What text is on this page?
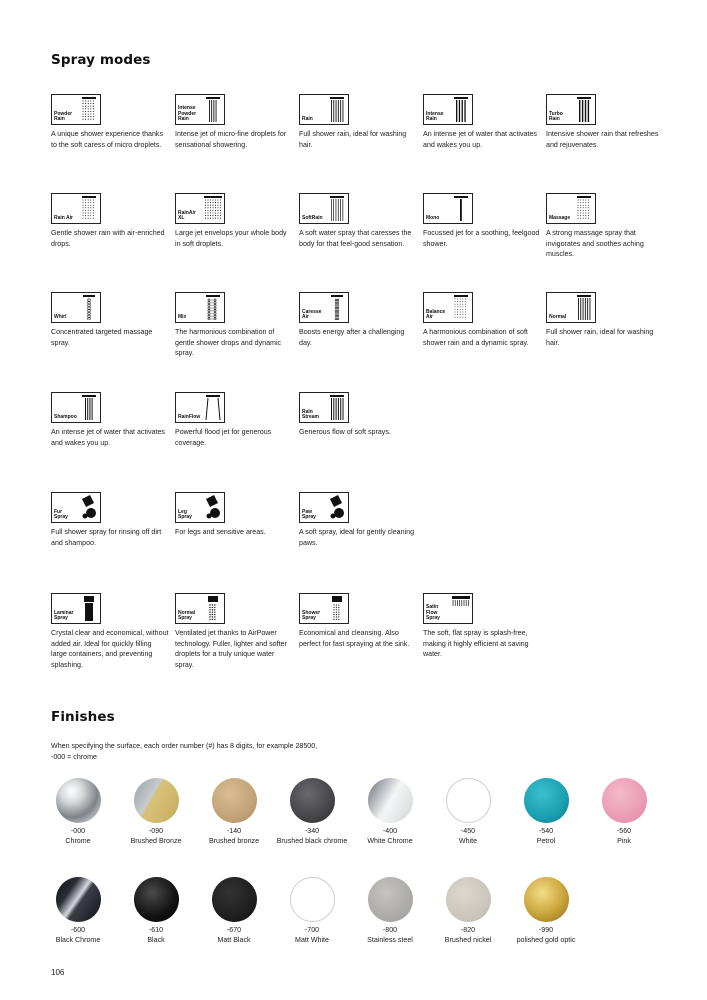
Spray modes
Powder
Rain
A unique shower experience thanks to the soft caress of micro droplets.
Intense
Powder
Rain
Intense jet of micro-fine droplets for sensational showering.
Rain
Full shower rain, ideal for washing hair.
Intense
Rain
An intense jet of water that activates and wakes you up.
Turbo
Rain
Intensive shower rain that refreshes and rejuvenates.
Rain Air
Gentle shower rain with air-enriched drops.
RainAir
XL
Large jet envelops your whole body in soft droplets.
SoftRain
A soft water spray that caresses the body for that feel-good sensation.
Mono
Focussed jet for a soothing, feelgood shower.
Massage
A strong massage spray that invigorates and soothes aching muscles.
Whirl
Concentrated targeted massage spray.
Mix
The harmonious combination of gentle shower drops and dynamic spray.
Caresse
Air
Boosts energy after a challenging day.
Balance
Air
A harmonious combination of soft shower rain and a dynamic spray.
Normal
Full shower rain, ideal for washing hair.
Shampoo
An intense jet of water that activates and wakes you up.
RainFlow
Powerful flood jet for generous coverage.
Rain
Stream
Generous flow of soft sprays.
Fur
Spray
Full shower spray for rinsing off dirt and shampoo.
Leg
Spray
For legs and sensitive areas.
Paw
Spray
A soft spray, ideal for gently cleaning paws.
Laminar
Spray
Crystal clear and economical, without added air. Ideal for quickly filling large containers, and preventing splashing.
Normal
Spray
Ventilated jet thanks to AirPower technology. Fuller, lighter and softer droplets for a truly unique water spray.
Shower
Spray
Economical and cleansing. Also perfect for fast spraying at the sink.
Satin
Flow
Spray
The soft, flat spray is splash-free, making it highly efficient at saving water.
Finishes
When specifying the surface, each order number (#) has 8 digits, for example 28500, -000 = chrome
-000
Chrome
-090
Brushed Bronze
-140
Brushed bronze
-340
Brushed black chrome
-400
White Chrome
-450
White
-540
Petrol
-560
Pink
-600
Black Chrome
-610
Black
-670
Matt Black
-700
Matt White
-800
Stainless steel
-820
Brushed nickel
-990
polished gold optic
106
